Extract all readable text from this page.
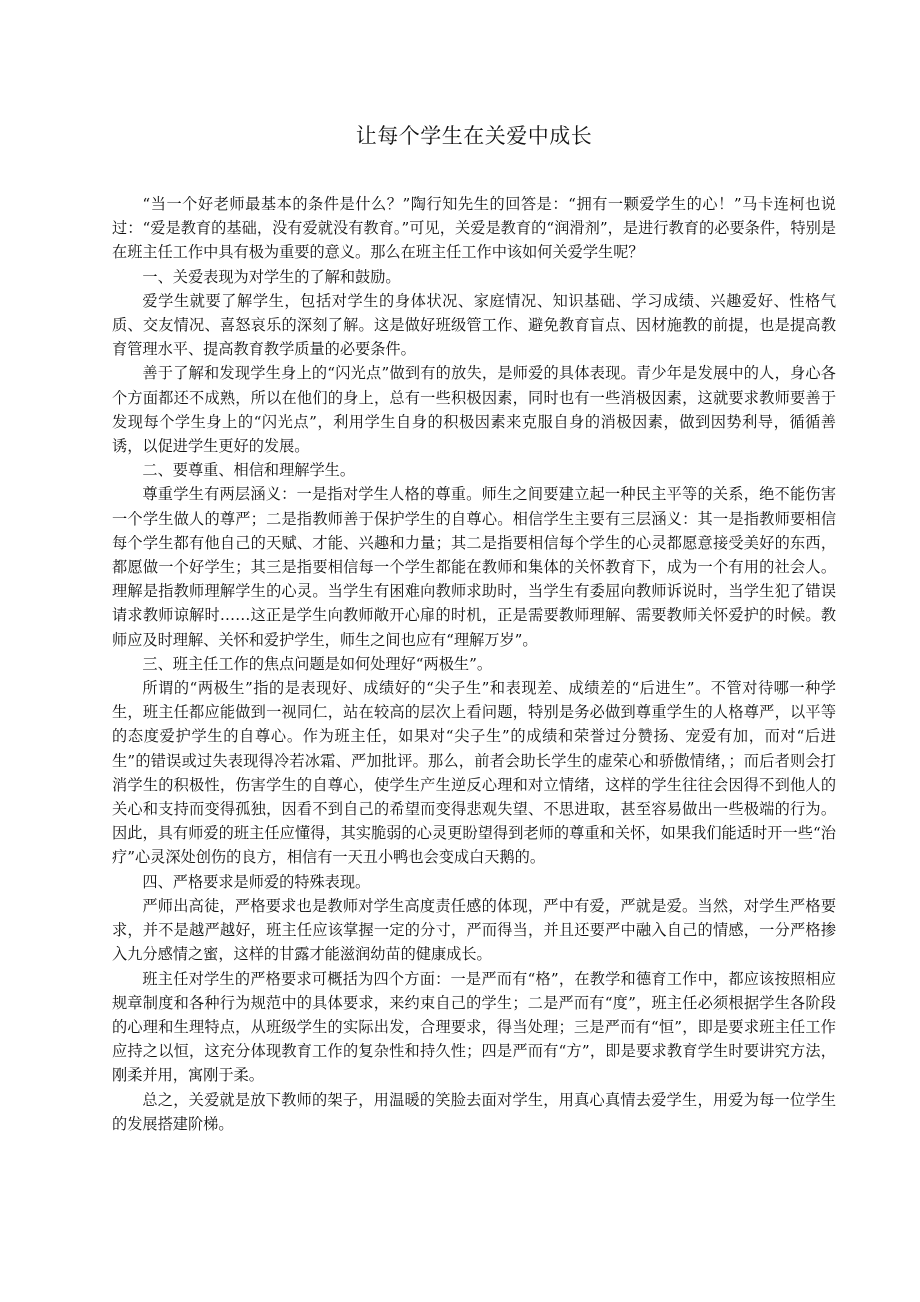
让每个学生在关爱中成长

“当一个好老师最基本的条件是什么？”陶行知先生的回答是：“拥有一颗爱学生的心！”马卡连柯也说过：“爱是教育的基础，没有爱就没有教育。”可见，关爱是教育的“润滑剂”，是进行教育的必要条件，特别是在班主任工作中具有极为重要的意义。那么在班主任工作中该如何关爱学生呢？

一、关爱表现为对学生的了解和鼓励。

爱学生就要了解学生，包括对学生的身体状况、家庭情况、知识基础、学习成绩、兴趣爱好、性格气质、交友情况、喜怒哀乐的深刻了解。这是做好班级管工作、避免教育盲点、因材施教的前提，也是提高教育管理水平、提高教育教学质量的必要条件。

善于了解和发现学生身上的“闪光点”做到有的放失，是师爱的具体表现。青少年是发展中的人，身心各个方面都还不成熟，所以在他们的身上，总有一些积极因素，同时也有一些消极因素，这就要求教师要善于发现每个学生身上的“闪光点”，利用学生自身的积极因素来克服自身的消极因素，做到因势利导，循循善诱，以促进学生更好的发展。

二、要尊重、相信和理解学生。

尊重学生有两层涵义：一是指对学生人格的尊重。师生之间要建立起一种民主平等的关系，绝不能伤害一个学生做人的尊严；二是指教师善于保护学生的自尊心。相信学生主要有三层涵义：其一是指教师要相信每个学生都有他自己的天赋、才能、兴趣和力量；其二是指要相信每个学生的心灵都愿意接受美好的东西，都愿做一个好学生；其三是指要相信每一个学生都能在教师和集体的关怀教育下，成为一个有用的社会人。理解是指教师理解学生的心灵。当学生有困难向教师求助时，当学生有委屈向教师诉说时，当学生犯了错误请求教师谅解时……这正是学生向教师敞开心扉的时机，正是需要教师理解、需要教师关怀爱护的时候。教师应及时理解、关怀和爱护学生，师生之间也应有“理解万岁”。

三、班主任工作的焦点问题是如何处理好“两极生”。

所谓的“两极生”指的是表现好、成绩好的“尖子生”和表现差、成绩差的“后进生”。不管对待哪一种学生，班主任都应能做到一视同仁，站在较高的层次上看问题，特别是务必做到尊重学生的人格尊严，以平等的态度爱护学生的自尊心。作为班主任，如果对“尖子生”的成绩和荣誉过分赞扬、宠爱有加，而对“后进生”的错误或过失表现得冷若冰霜、严加批评。那么，前者会助长学生的虚荣心和骄傲情绪，；而后者则会打消学生的积极性，伤害学生的自尊心，使学生产生逆反心理和对立情绪，这样的学生往往会因得不到他人的关心和支持而变得孤独，因看不到自己的希望而变得悲观失望、不思进取，甚至容易做出一些极端的行为。因此，具有师爱的班主任应懂得，其实脆弱的心灵更盼望得到老师的尊重和关怀，如果我们能适时开一些“治疗”心灵深处创伤的良方，相信有一天丑小鸭也会变成白天鹅的。

四、严格要求是师爱的特殊表现。

严师出高徒，严格要求也是教师对学生高度责任感的体现，严中有爱，严就是爱。当然，对学生严格要求，并不是越严越好，班主任应该掌握一定的分寸，严而得当，并且还要严中融入自己的情感，一分严格掺入九分感情之蜜，这样的甘露才能滋润幼苗的健康成长。

班主任对学生的严格要求可概括为四个方面：一是严而有“格”，在教学和德育工作中，都应该按照相应规章制度和各种行为规范中的具体要求，来约束自己的学生；二是严而有“度”，班主任必须根据学生各阶段的心理和生理特点，从班级学生的实际出发，合理要求，得当处理；三是严而有“恒”，即是要求班主任工作应持之以恒，这充分体现教育工作的复杂性和持久性；四是严而有“方”，即是要求教育学生时要讲究方法，刚柔并用，寓刚于柔。

总之，关爱就是放下教师的架子，用温暖的笑脸去面对学生，用真心真情去爱学生，用爱为每一位学生的发展搭建阶梯。
